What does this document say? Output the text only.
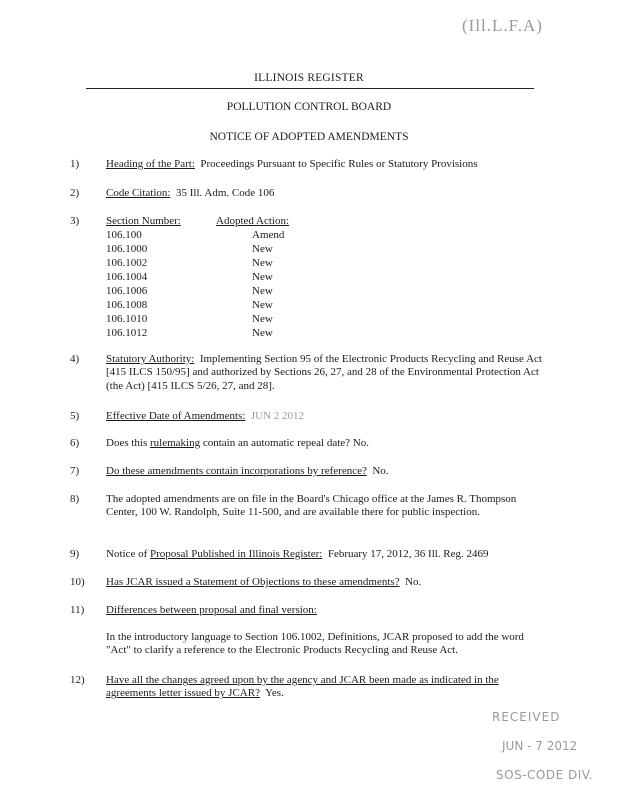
(Ill.L.F.A)
ILLINOIS REGISTER
POLLUTION CONTROL BOARD
NOTICE OF ADOPTED AMENDMENTS
1) Heading of the Part: Proceedings Pursuant to Specific Rules or Statutory Provisions
2) Code Citation: 35 Ill. Adm. Code 106
3) Section Number:	Adopted Action:
106.100	Amend
106.1000	New
106.1002	New
106.1004	New
106.1006	New
106.1008	New
106.1010	New
106.1012	New
4) Statutory Authority: Implementing Section 95 of the Electronic Products Recycling and Reuse Act [415 ILCS 150/95] and authorized by Sections 26, 27, and 28 of the Environmental Protection Act (the Act) [415 ILCS 5/26, 27, and 28].
5) Effective Date of Amendments: JUN 2 2012
6) Does this rulemaking contain an automatic repeal date? No.
7) Do these amendments contain incorporations by reference? No.
8) The adopted amendments are on file in the Board's Chicago office at the James R. Thompson Center, 100 W. Randolph, Suite 11-500, and are available there for public inspection.
9) Notice of Proposal Published in Illinois Register: February 17, 2012, 36 Ill. Reg. 2469
10) Has JCAR issued a Statement of Objections to these amendments? No.
11) Differences between proposal and final version:
In the introductory language to Section 106.1002, Definitions, JCAR proposed to add the word "Act" to clarify a reference to the Electronic Products Recycling and Reuse Act.
12) Have all the changes agreed upon by the agency and JCAR been made as indicated in the agreements letter issued by JCAR? Yes.
RECEIVED
JUN - 7 2012
SOS-CODE DIV.
